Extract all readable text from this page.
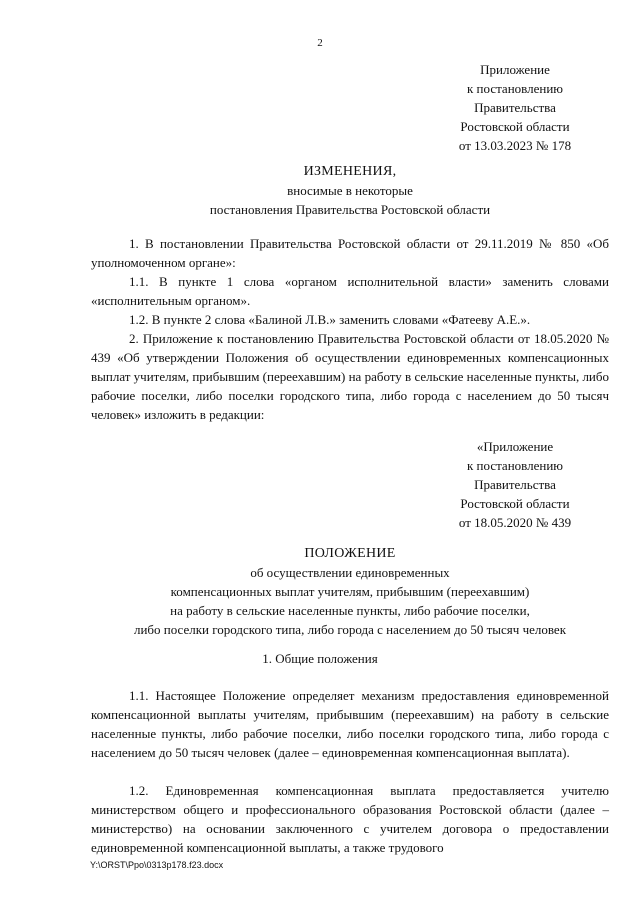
2
Приложение
к постановлению
Правительства
Ростовской области
от 13.03.2023 № 178
ИЗМЕНЕНИЯ,
вносимые в некоторые
постановления Правительства Ростовской области

1. В постановлении Правительства Ростовской области от 29.11.2019 № 850 «Об уполномоченном органе»:

1.1. В пункте 1 слова «органом исполнительной власти» заменить словами «исполнительным органом».

1.2. В пункте 2 слова «Балиной Л.В.» заменить словами «Фатееву А.Е.».

2. Приложение к постановлению Правительства Ростовской области от 18.05.2020 № 439 «Об утверждении Положения об осуществлении единовременных компенсационных выплат учителям, прибывшим (переехавшим) на работу в сельские населенные пункты, либо рабочие поселки, либо поселки городского типа, либо города с населением до 50 тысяч человек» изложить в редакции:

«Приложение
к постановлению
Правительства
Ростовской области
от 18.05.2020 № 439
ПОЛОЖЕНИЕ
об осуществлении единовременных
компенсационных выплат учителям, прибывшим (переехавшим)
на работу в сельские населенные пункты, либо рабочие поселки,
либо поселки городского типа, либо города с населением до 50 тысяч человек
1. Общие положения

1.1. Настоящее Положение определяет механизм предоставления единовременной компенсационной выплаты учителям, прибывшим (переехавшим) на работу в сельские населенные пункты, либо рабочие поселки, либо поселки городского типа, либо города с населением до 50 тысяч человек (далее – единовременная компенсационная выплата).

1.2. Единовременная компенсационная выплата предоставляется учителю министерством общего и профессионального образования Ростовской области (далее – министерство) на основании заключенного с учителем договора о предоставлении единовременной компенсационной выплаты, а также трудового

Y:\ORST\Ppo\0313p178.f23.docx
